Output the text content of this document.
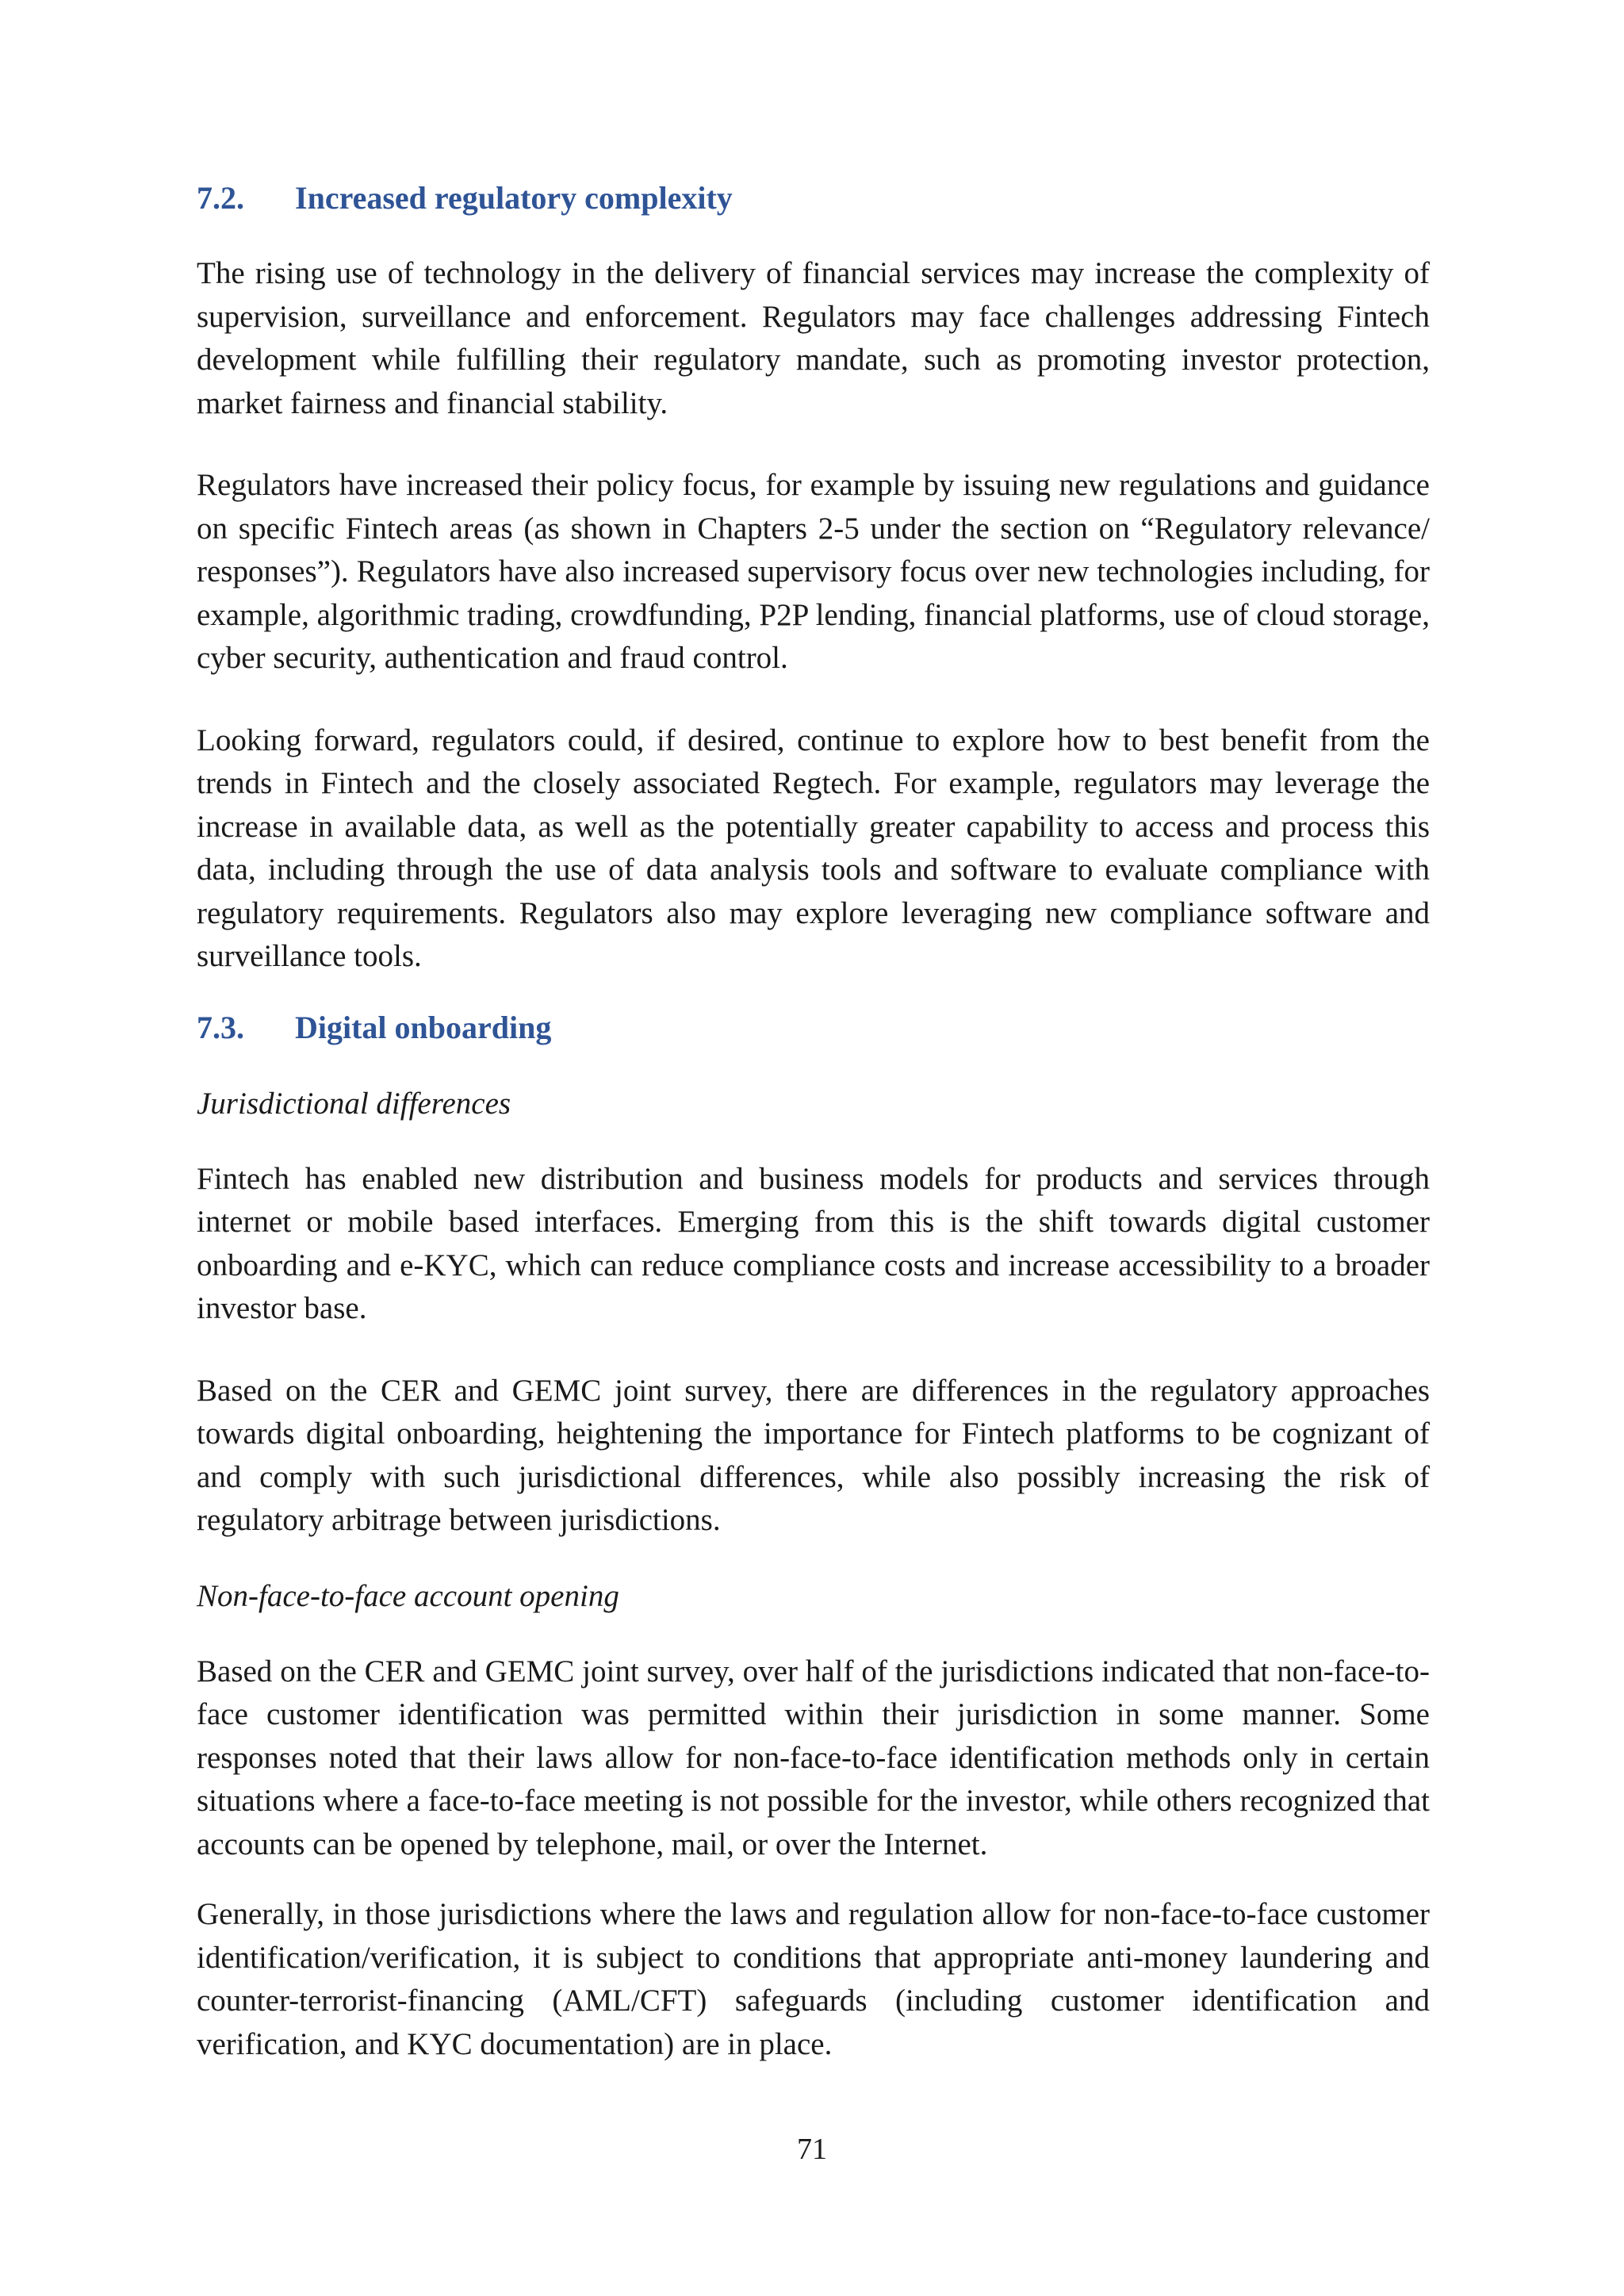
7.2.	Increased regulatory complexity

The rising use of technology in the delivery of financial services may increase the complexity of supervision, surveillance and enforcement. Regulators may face challenges addressing Fintech development while fulfilling their regulatory mandate, such as promoting investor protection, market fairness and financial stability.

Regulators have increased their policy focus, for example by issuing new regulations and guidance on specific Fintech areas (as shown in Chapters 2-5 under the section on “Regulatory relevance/ responses”). Regulators have also increased supervisory focus over new technologies including, for example, algorithmic trading, crowdfunding, P2P lending, financial platforms, use of cloud storage, cyber security, authentication and fraud control.

Looking forward, regulators could, if desired, continue to explore how to best benefit from the trends in Fintech and the closely associated Regtech. For example, regulators may leverage the increase in available data, as well as the potentially greater capability to access and process this data, including through the use of data analysis tools and software to evaluate compliance with regulatory requirements. Regulators also may explore leveraging new compliance software and surveillance tools.

7.3.	Digital onboarding
Jurisdictional differences

Fintech has enabled new distribution and business models for products and services through internet or mobile based interfaces. Emerging from this is the shift towards digital customer onboarding and e-KYC, which can reduce compliance costs and increase accessibility to a broader investor base.

Based on the CER and GEMC joint survey, there are differences in the regulatory approaches towards digital onboarding, heightening the importance for Fintech platforms to be cognizant of and comply with such jurisdictional differences, while also possibly increasing the risk of regulatory arbitrage between jurisdictions.

Non-face-to-face account opening

Based on the CER and GEMC joint survey, over half of the jurisdictions indicated that non-face-to-face customer identification was permitted within their jurisdiction in some manner. Some responses noted that their laws allow for non-face-to-face identification methods only in certain situations where a face-to-face meeting is not possible for the investor, while others recognized that accounts can be opened by telephone, mail, or over the Internet.

Generally, in those jurisdictions where the laws and regulation allow for non-face-to-face customer identification/verification, it is subject to conditions that appropriate anti-money laundering and counter-terrorist-financing (AML/CFT) safeguards (including customer identification and verification, and KYC documentation) are in place.

71
